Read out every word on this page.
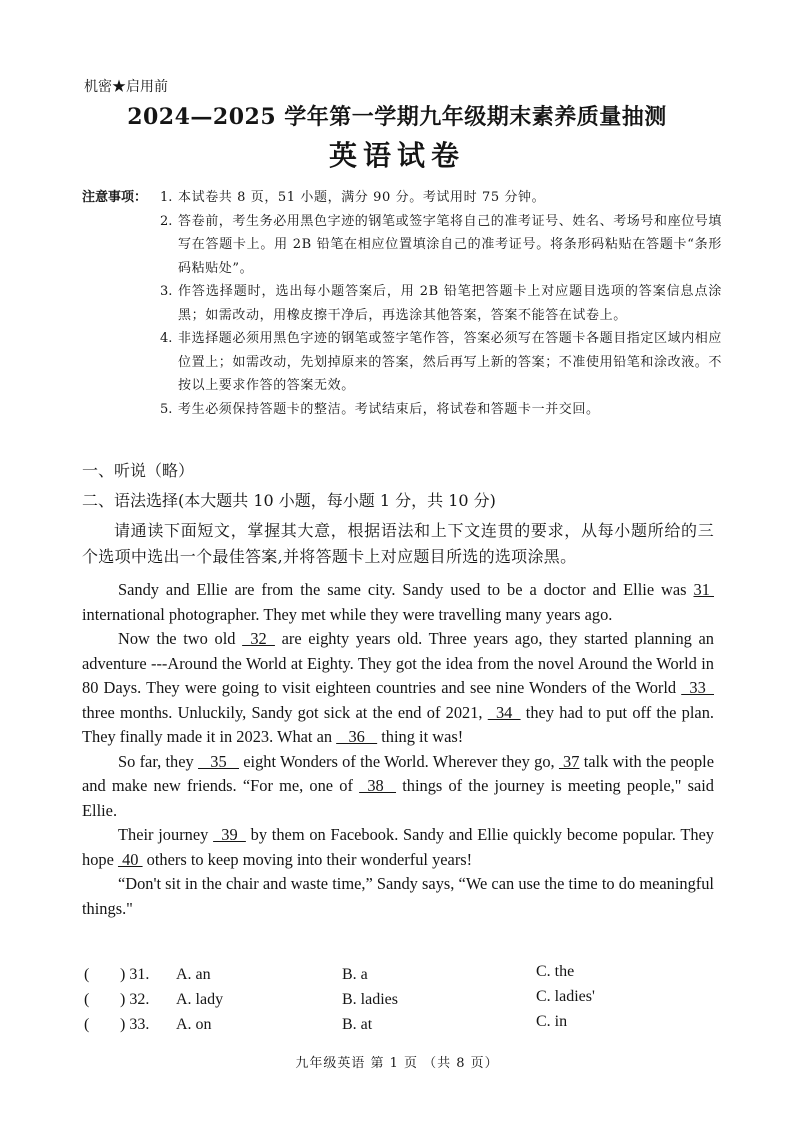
机密★启用前
2024—2025 学年第一学期九年级期末素养质量抽测
英语试卷
注意事项： 1. 本试卷共 8 页，51 小题，满分 90 分。考试用时 75 分钟。
2. 答卷前，考生务必用黑色字迹的钢笔或签字笔将自己的准考证号、姓名、考场号和座位号填写在答题卡上。用 2B 铅笔在相应位置填涂自己的准考证号。将条形码粘贴在答题卡“条形码粘贴处”。
3. 作答选择题时，选出每小题答案后，用 2B 铅笔把答题卡上对应题目选项的答案信息点涂黑；如需改动，用橡皮擦干净后，再选涂其他答案，答案不能答在试卷上。
4. 非选择题必须用黑色字迹的钢笔或签字笔作答，答案必须写在答题卡各题目指定区域内相应位置上；如需改动，先划掉原来的答案，然后再写上新的答案；不准使用铅笔和涂改液。不按以上要求作答的答案无效。
5. 考生必须保持答题卡的整洁。考试结束后，将试卷和答题卡一并交回。
一、听说（略）
二、语法选择(本大题共 10 小题，每小题 1 分，共 10 分)
请通读下面短文，掌握其大意，根据语法和上下文连贯的要求，从每小题所给的三个选项中选出一个最佳答案,并将答题卡上对应题目所选的选项涂黑。

Sandy and Ellie are from the same city. Sandy used to be a doctor and Ellie was 31  international photographer. They met while they were travelling many years ago.

Now the two old   32   are eighty years old. Three years ago, they started planning an adventure ---Around the World at Eighty. They got the idea from the novel Around the World in 80 Days. They were going to visit eighteen countries and see nine Wonders of the World   33   three months. Unluckily, Sandy got sick at the end of 2021,   34   they had to put off the plan. They finally made it in 2023. What an    36    thing it was!

So far, they    35    eight Wonders of the World. Wherever they go,  37 talk with the people and make new friends. “For me, one of   38    things of the journey is meeting people," said Ellie.

Their journey   39   by them on Facebook. Sandy and Ellie quickly become popular. They hope  40  others to keep moving into their wonderful years!

“Don't sit in the chair and waste time,” Sandy says, “We can use the time to do meaningful things."

( ) 31. A. an	B. a	C. the
( ) 32. A. lady	B. ladies	C. ladies'
( ) 33. A. on	B. at	C. in
九年级英语 第 1 页 （共 8 页）
